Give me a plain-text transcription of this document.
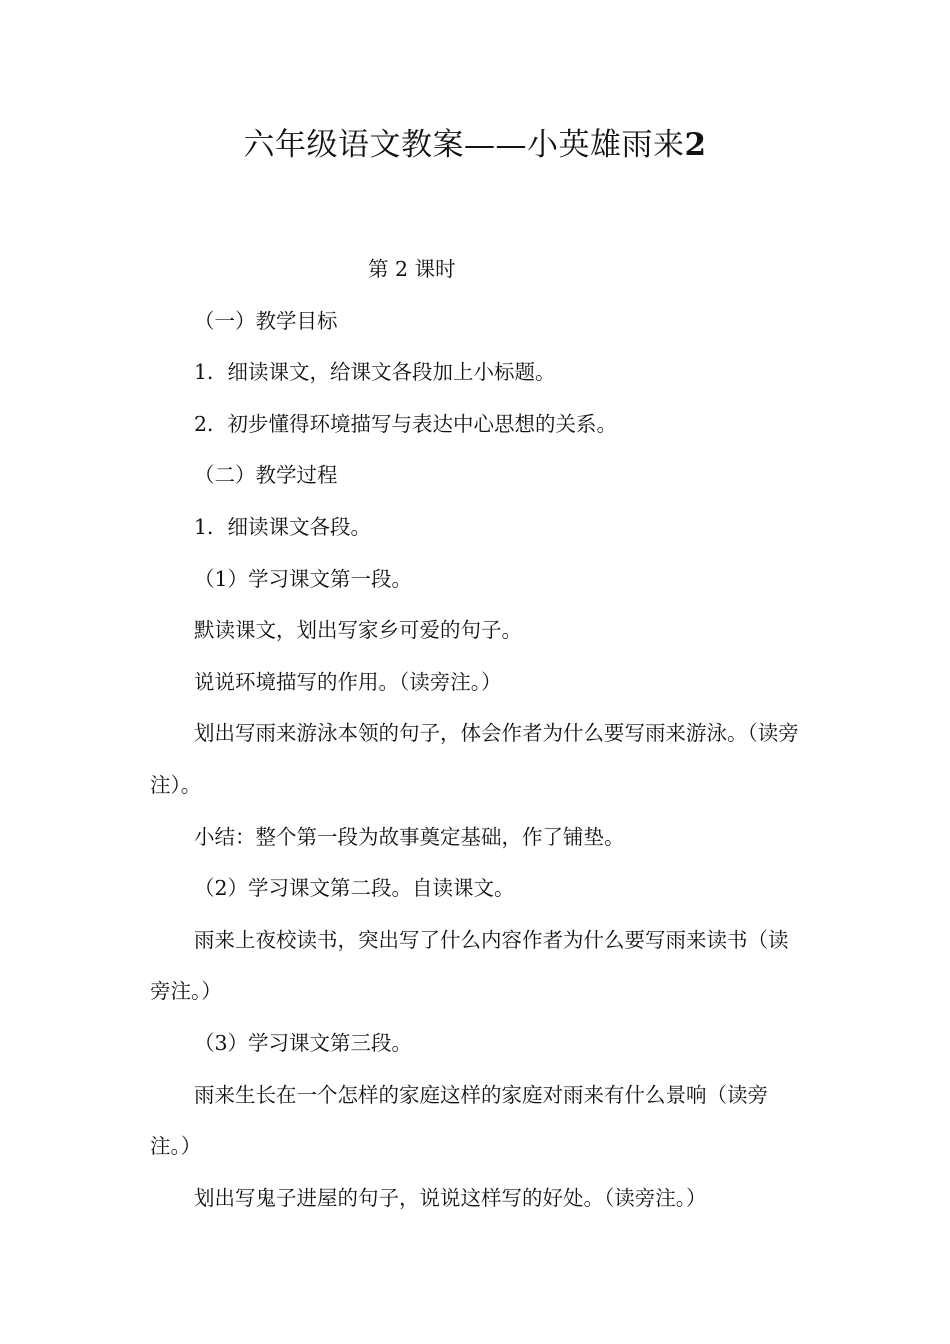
六年级语文教案——小英雄雨来2

第 2 课时

（一）教学目标

1．细读课文，给课文各段加上小标题。

2．初步懂得环境描写与表达中心思想的关系。

（二）教学过程

1．细读课文各段。

（1）学习课文第一段。

默读课文，划出写家乡可爱的句子。

说说环境描写的作用。（读旁注。）

划出写雨来游泳本领的句子，体会作者为什么要写雨来游泳。（读旁注）。

小结：整个第一段为故事奠定基础，作了铺垫。

（2）学习课文第二段。自读课文。

雨来上夜校读书，突出写了什么内容作者为什么要写雨来读书（读旁注。）

（3）学习课文第三段。

雨来生长在一个怎样的家庭这样的家庭对雨来有什么景响（读旁注。）

划出写鬼子进屋的句子，说说这样写的好处。（读旁注。）
